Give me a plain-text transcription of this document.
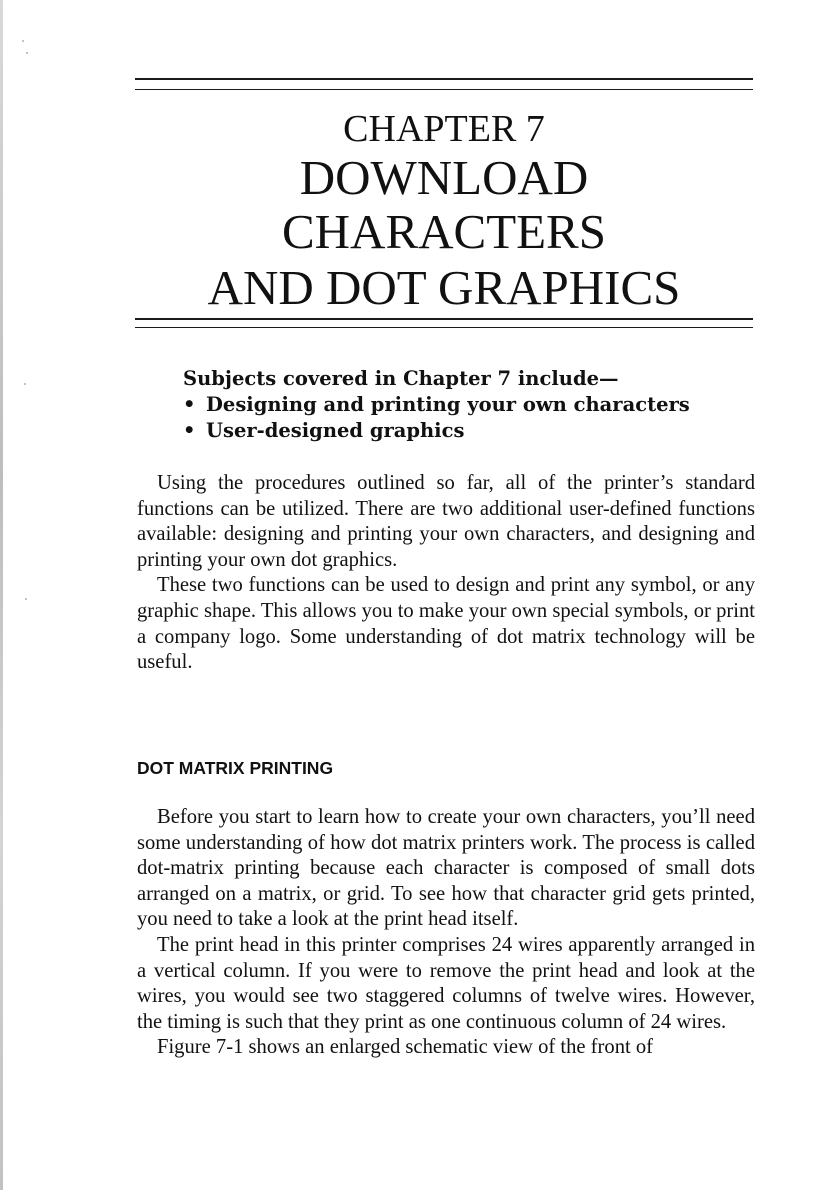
CHAPTER 7
DOWNLOAD
CHARACTERS
AND DOT GRAPHICS
Subjects covered in Chapter 7 include—
• Designing and printing your own characters
• User-designed graphics

Using the procedures outlined so far, all of the printer’s standard functions can be utilized. There are two additional user-defined functions available: designing and printing your own characters, and designing and printing your own dot graphics.

These two functions can be used to design and print any symbol, or any graphic shape. This allows you to make your own special symbols, or print a company logo. Some understanding of dot matrix technology will be useful.

DOT MATRIX PRINTING

Before you start to learn how to create your own characters, you’ll need some understanding of how dot matrix printers work. The process is called dot-matrix printing because each character is composed of small dots arranged on a matrix, or grid. To see how that character grid gets printed, you need to take a look at the print head itself.

The print head in this printer comprises 24 wires apparently arranged in a vertical column. If you were to remove the print head and look at the wires, you would see two staggered columns of twelve wires. However, the timing is such that they print as one continuous column of 24 wires.

Figure 7-1 shows an enlarged schematic view of the front of
